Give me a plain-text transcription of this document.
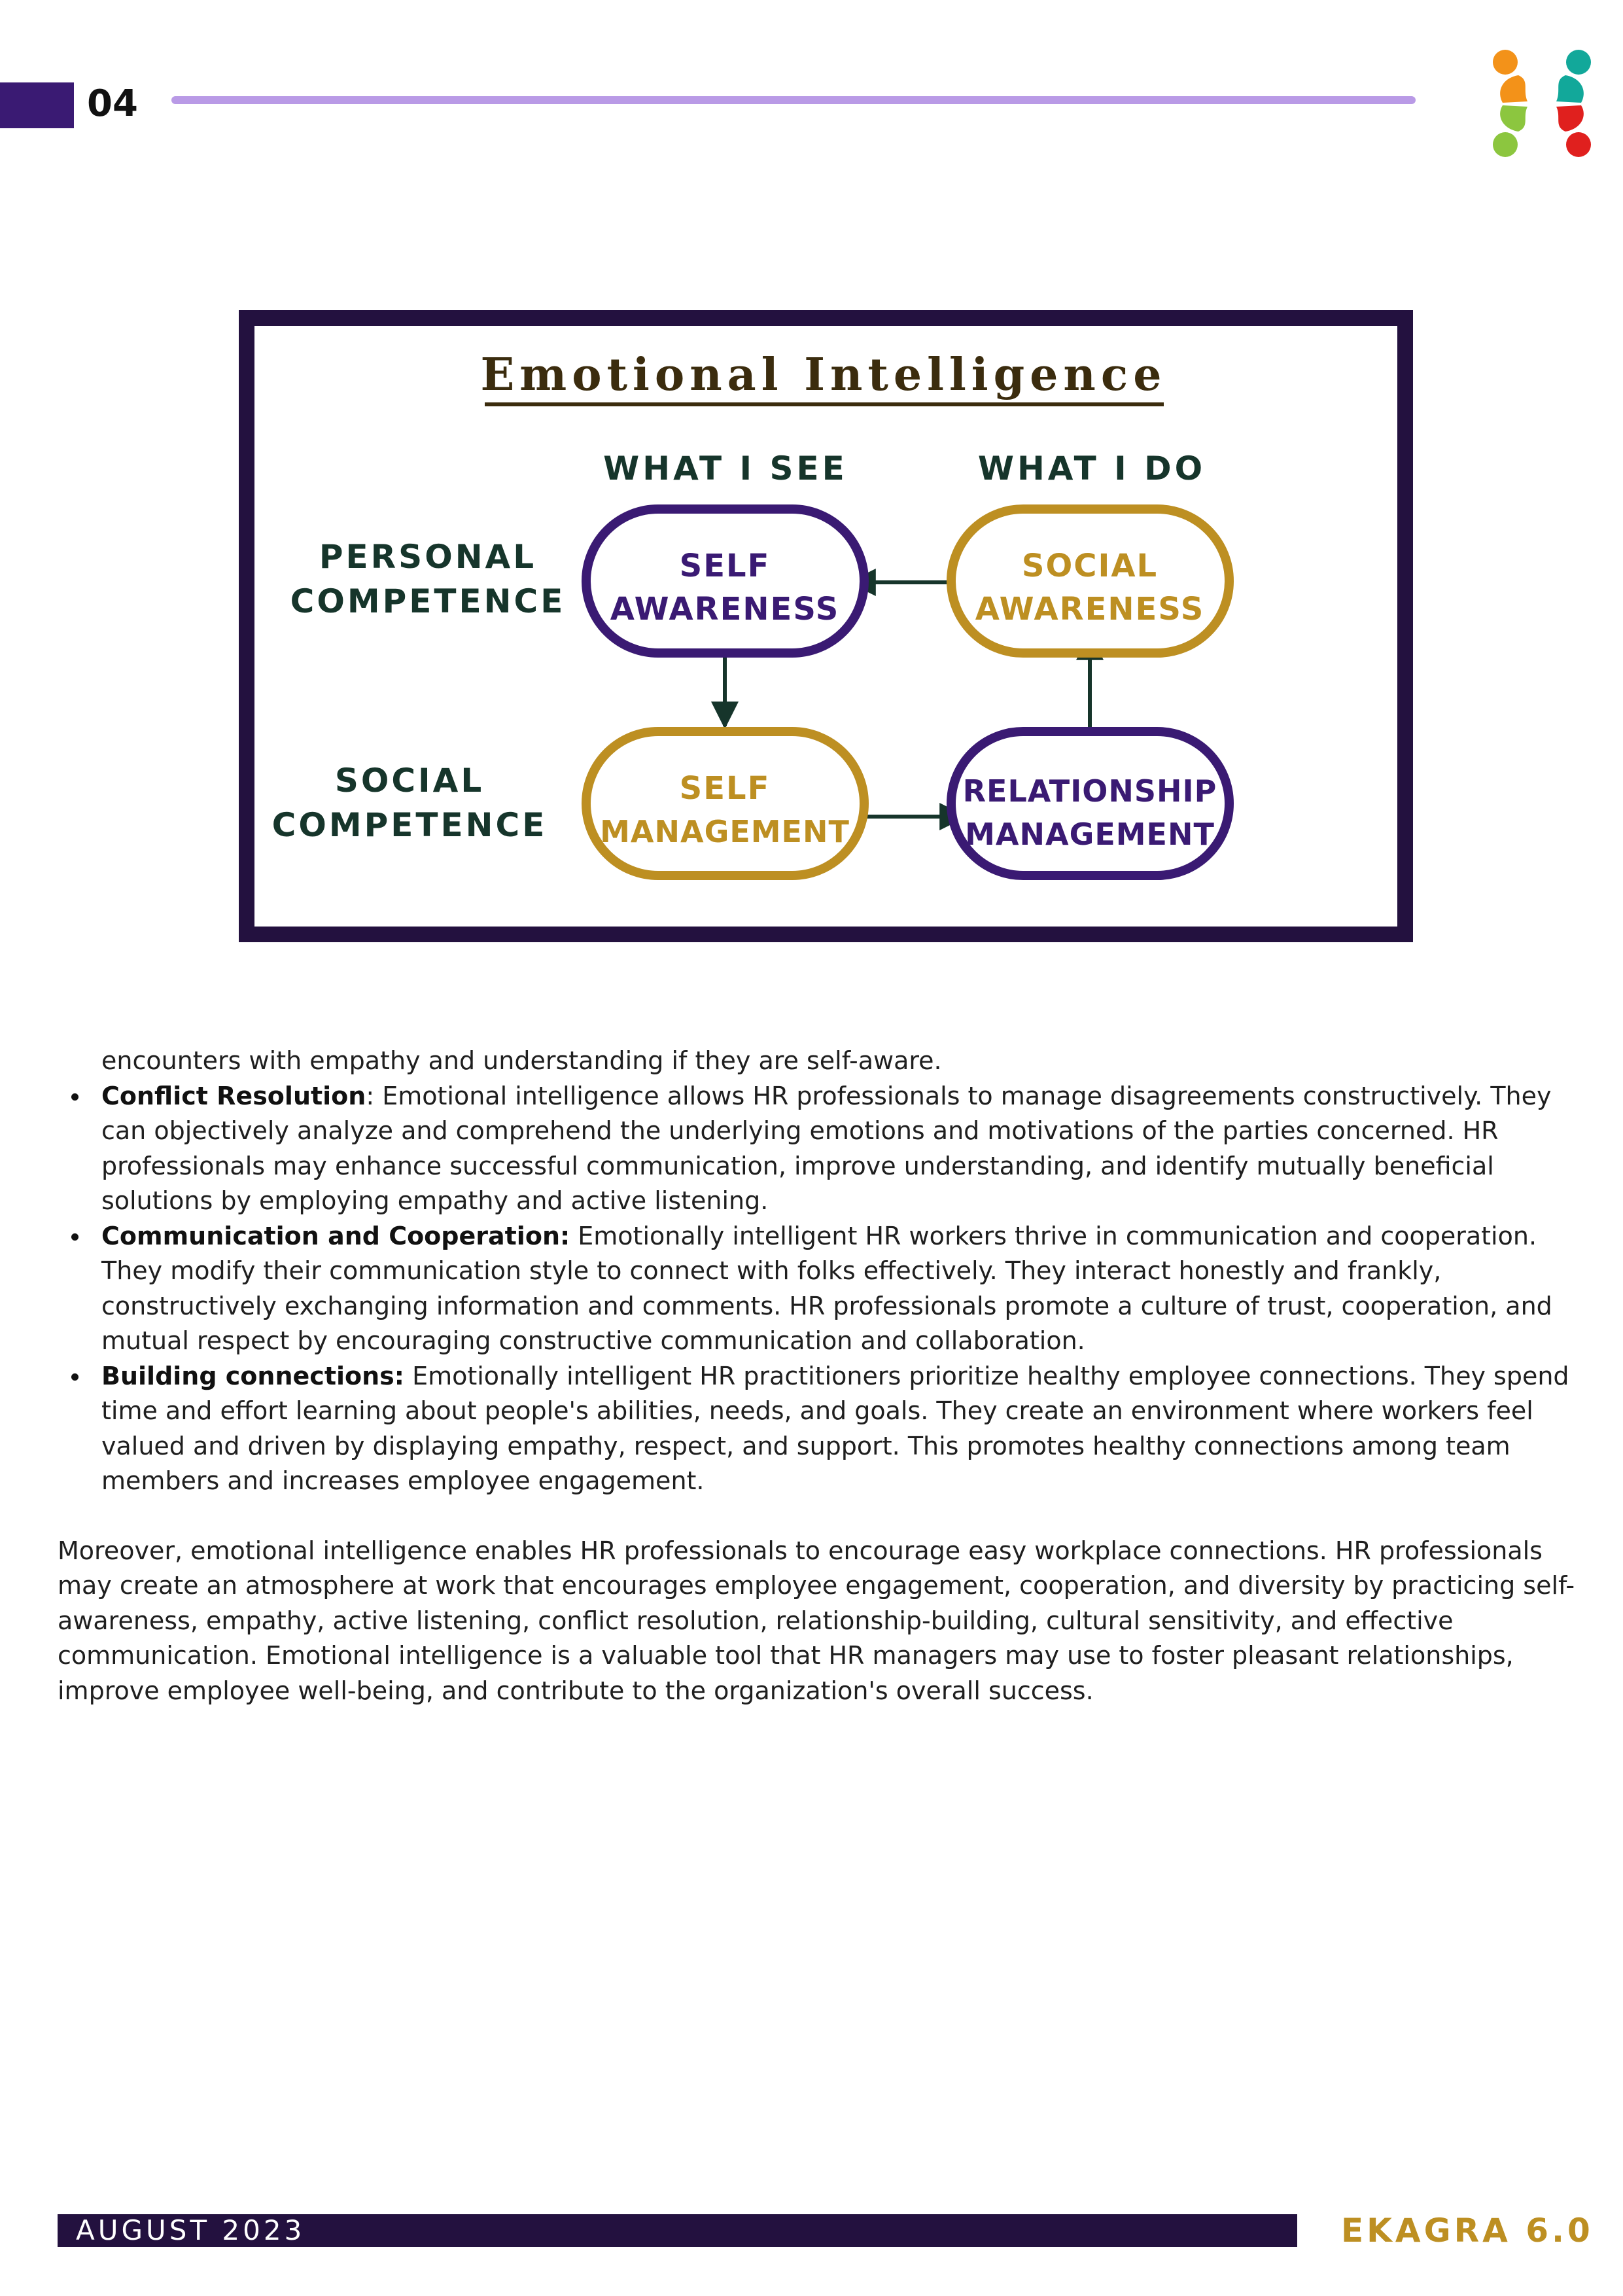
04
Emotional Intelligence
WHAT I SEE	WHAT I DO
PERSONAL
COMPETENCE
SOCIAL
COMPETENCE
SELF
AWARENESS
SOCIAL
AWARENESS
SELF
MANAGEMENT
RELATIONSHIP
MANAGEMENT
encounters with empathy and understanding if they are self-aware.
Conflict Resolution: Emotional intelligence allows HR professionals to manage disagreements constructively. They can objectively analyze and comprehend the underlying emotions and motivations of the parties concerned. HR professionals may enhance successful communication, improve understanding, and identify mutually beneficial solutions by employing empathy and active listening.
Communication and Cooperation: Emotionally intelligent HR workers thrive in communication and cooperation. They modify their communication style to connect with folks effectively. They interact honestly and frankly, constructively exchanging information and comments. HR professionals promote a culture of trust, cooperation, and mutual respect by encouraging constructive communication and collaboration.
Building connections: Emotionally intelligent HR practitioners prioritize healthy employee connections. They spend time and effort learning about people's abilities, needs, and goals. They create an environment where workers feel valued and driven by displaying empathy, respect, and support. This promotes healthy connections among team members and increases employee engagement.

Moreover, emotional intelligence enables HR professionals to encourage easy workplace connections. HR professionals may create an atmosphere at work that encourages employee engagement, cooperation, and diversity by practicing self-awareness, empathy, active listening, conflict resolution, relationship-building, cultural sensitivity, and effective communication. Emotional intelligence is a valuable tool that HR managers may use to foster pleasant relationships, improve employee well-being, and contribute to the organization's overall success.

AUGUST 2023	EKAGRA 6.0
